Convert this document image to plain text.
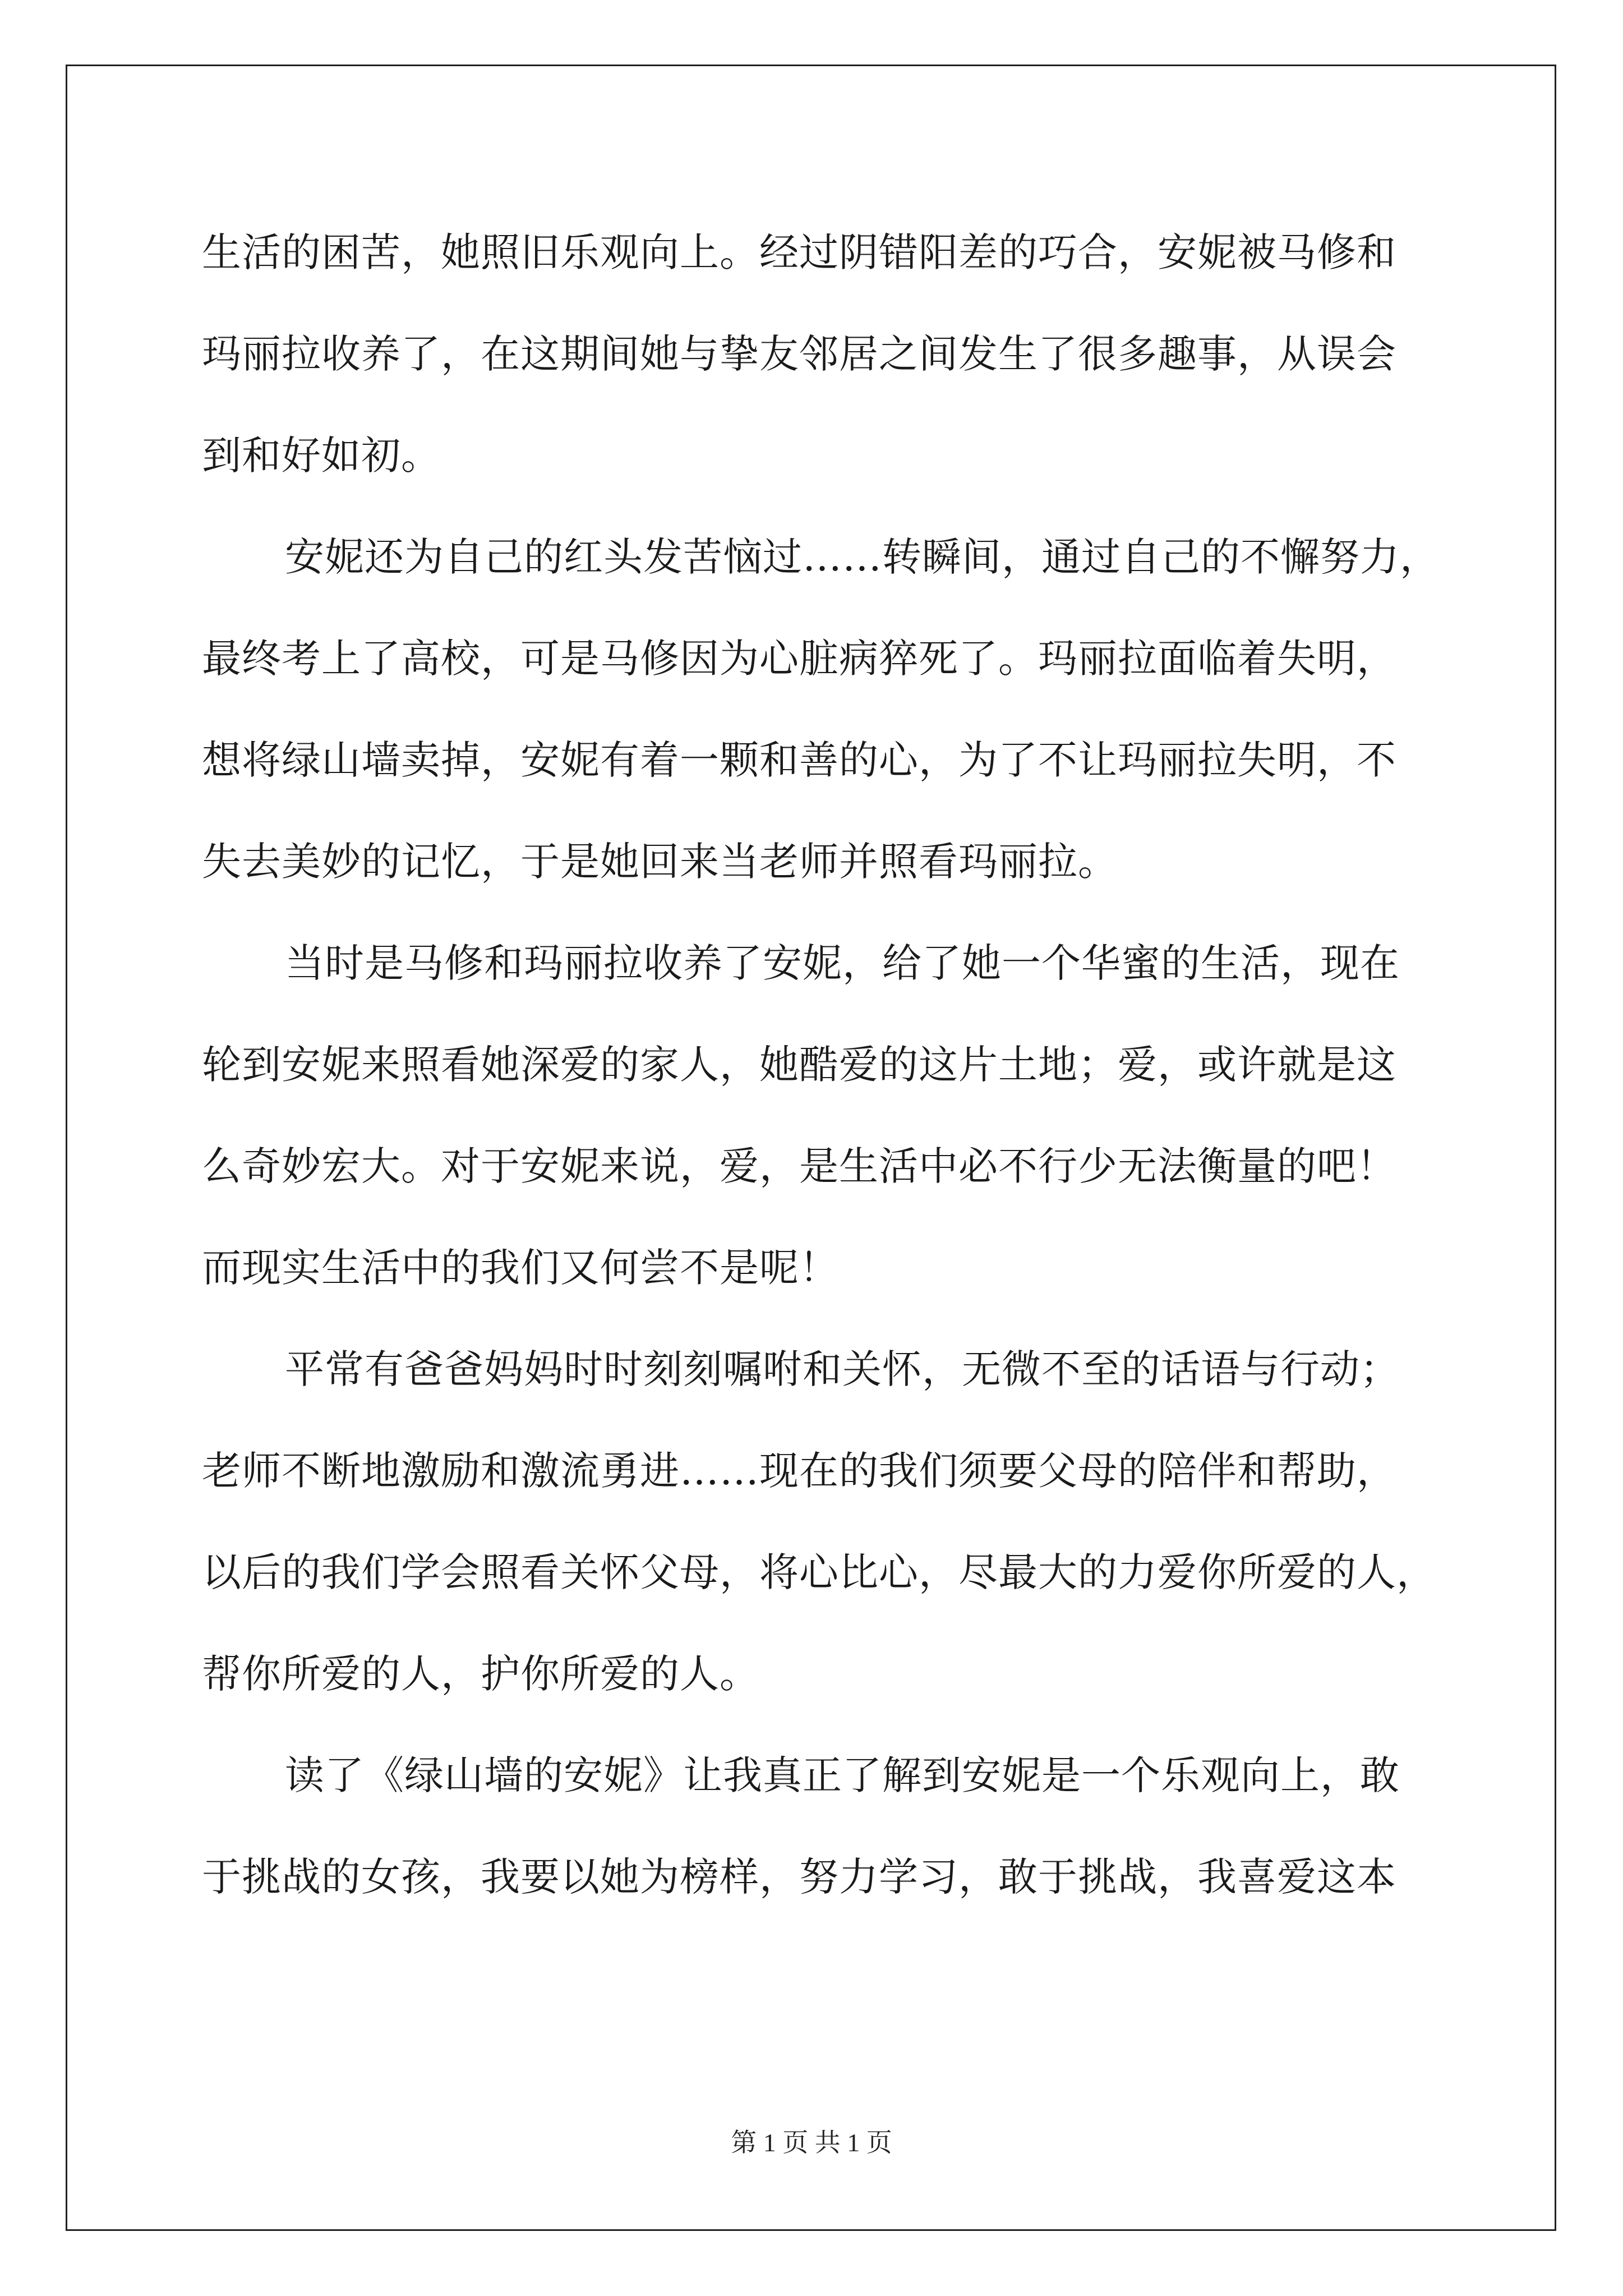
生活的困苦，她照旧乐观向上。经过阴错阳差的巧合，安妮被马修和
玛丽拉收养了，在这期间她与挚友邻居之间发生了很多趣事，从误会
到和好如初。
安妮还为自己的红头发苦恼过……转瞬间，通过自己的不懈努力，
最终考上了高校，可是马修因为心脏病猝死了。玛丽拉面临着失明，
想将绿山墙卖掉，安妮有着一颗和善的心，为了不让玛丽拉失明，不
失去美妙的记忆，于是她回来当老师并照看玛丽拉。
当时是马修和玛丽拉收养了安妮，给了她一个华蜜的生活，现在
轮到安妮来照看她深爱的家人，她酷爱的这片土地；爱，或许就是这
么奇妙宏大。对于安妮来说，爱，是生活中必不行少无法衡量的吧！
而现实生活中的我们又何尝不是呢！
平常有爸爸妈妈时时刻刻嘱咐和关怀，无微不至的话语与行动；
老师不断地激励和激流勇进……现在的我们须要父母的陪伴和帮助，
以后的我们学会照看关怀父母，将心比心，尽最大的力爱你所爱的人，
帮你所爱的人，护你所爱的人。
读了《绿山墙的安妮》让我真正了解到安妮是一个乐观向上，敢
于挑战的女孩，我要以她为榜样，努力学习，敢于挑战，我喜爱这本
第 1 页 共 1 页
